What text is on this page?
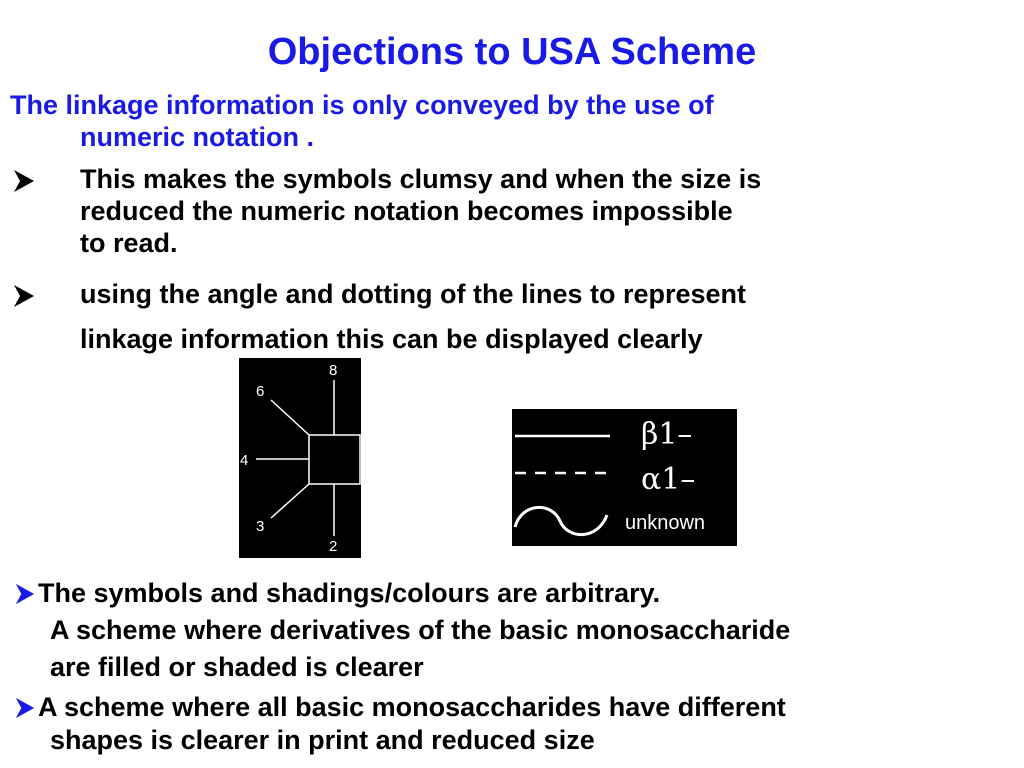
Objections to USA Scheme
The linkage information is only conveyed by the use of
numeric notation .
This makes the symbols clumsy and when the size is
reduced the numeric notation becomes impossible
to read.
using the angle and dotting of the lines to represent
linkage information this can be displayed clearly
8
6
4
3
2
β1–
α1–
unknown
The symbols and shadings/colours are arbitrary.
A scheme where derivatives of the basic monosaccharide
are filled or shaded is clearer
A scheme where all basic monosaccharides have different
shapes is clearer in print and reduced size
